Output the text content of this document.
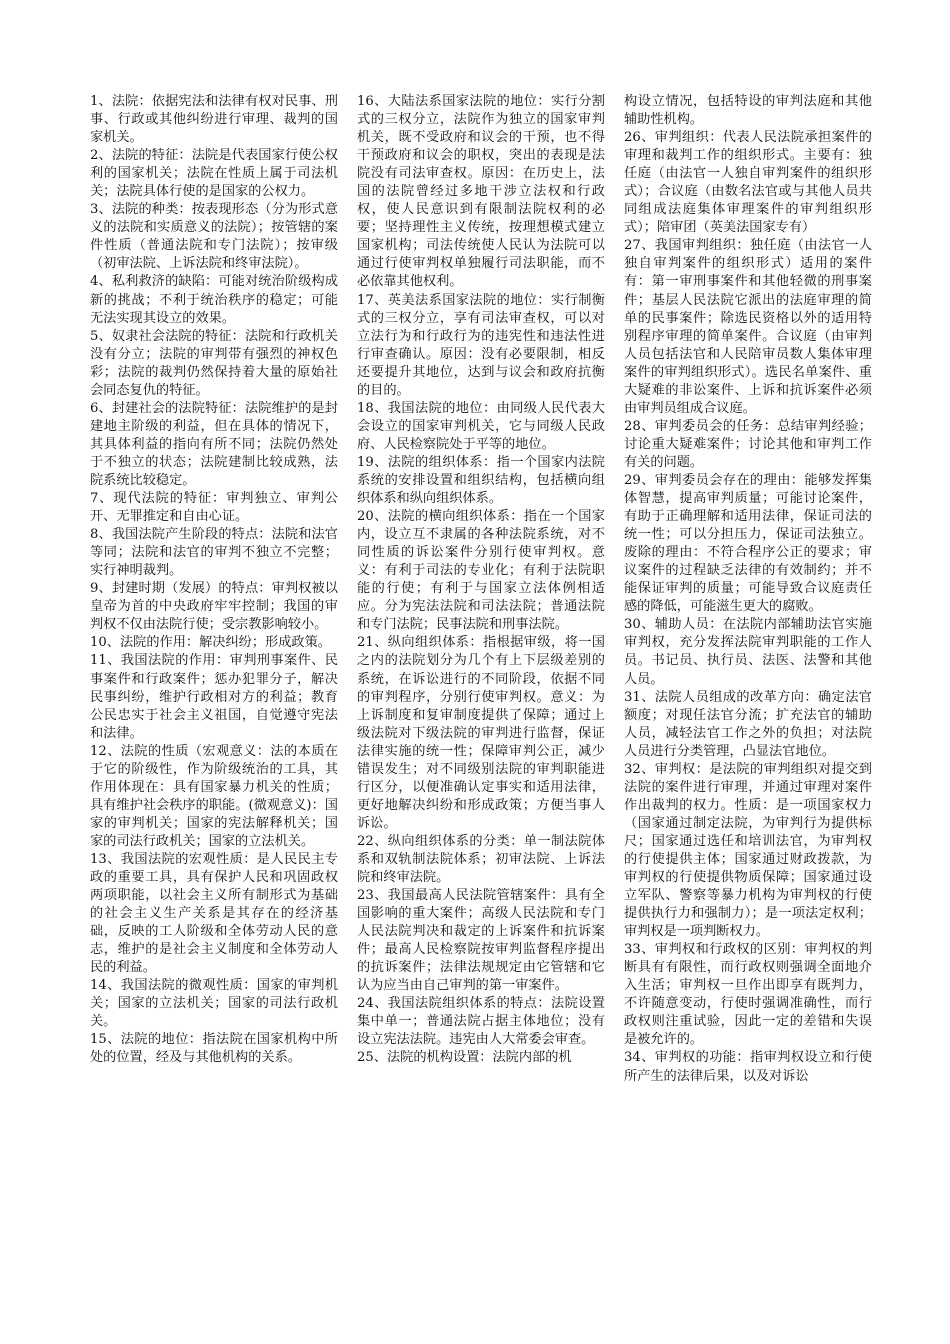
1、法院：依据宪法和法律有权对民事、刑事、行政或其他纠纷进行审理、裁判的国家机关。

2、法院的特征：法院是代表国家行使公权利的国家机关；法院在性质上属于司法机关；法院具体行使的是国家的公权力。

3、法院的种类：按表现形态（分为形式意义的法院和实质意义的法院）；按管辖的案件性质（普通法院和专门法院）；按审级（初审法院、上诉法院和终审法院）。

4、私利救济的缺陷：可能对统治阶级构成新的挑战；不利于统治秩序的稳定；可能无法实现其设立的效果。

5、奴隶社会法院的特征：法院和行政机关没有分立；法院的审判带有强烈的神权色彩；法院的裁判仍然保持着大量的原始社会同态复仇的特征。

6、封建社会的法院特征：法院维护的是封建地主阶级的利益，但在具体的情况下，其具体利益的指向有所不同；法院仍然处于不独立的状态；法院建制比较成熟，法院系统比较稳定。

7、现代法院的特征：审判独立、审判公开、无罪推定和自由心证。

8、我国法院产生阶段的特点：法院和法官等同；法院和法官的审判不独立不完整；实行神明裁判。

9、封建时期（发展）的特点：审判权被以皇帝为首的中央政府牢牢控制；我国的审判权不仅由法院行使；受宗教影响较小。

10、法院的作用：解决纠纷；形成政策。

11、我国法院的作用：审判刑事案件、民事案件和行政案件；惩办犯罪分子，解决民事纠纷，维护行政相对方的利益；教育公民忠实于社会主义祖国，自觉遵守宪法和法律。

12、法院的性质（宏观意义：法的本质在于它的阶级性，作为阶级统治的工具，其作用体现在：具有国家暴力机关的性质；具有维护社会秩序的职能。(微观意义)：国家的审判机关；国家的宪法解释机关；国家的司法行政机关；国家的立法机关。

13、我国法院的宏观性质：是人民民主专政的重要工具，具有保护人民和巩固政权两项职能，以社会主义所有制形式为基础的社会主义生产关系是其存在的经济基础，反映的工人阶级和全体劳动人民的意志，维护的是社会主义制度和全体劳动人民的利益。

14、我国法院的微观性质：国家的审判机关；国家的立法机关；国家的司法行政机关。

15、法院的地位：指法院在国家机构中所处的位置，经及与其他机构的关系。

16、大陆法系国家法院的地位：实行分割式的三权分立，法院作为独立的国家审判机关，既不受政府和议会的干预，也不得干预政府和议会的职权，突出的表现是法院没有司法审查权。原因：在历史上，法国的法院曾经过多地干涉立法权和行政权，使人民意识到有限制法院权利的必要；坚持理性主义传统，按理想模式建立国家机构；司法传统使人民认为法院可以通过行使审判权单独履行司法职能，而不必依靠其他权利。

17、英美法系国家法院的地位：实行制衡式的三权分立，享有司法审查权，可以对立法行为和行政行为的违宪性和违法性进行审查确认。原因：没有必要限制，相反还要提升其地位，达到与议会和政府抗衡的目的。

18、我国法院的地位：由同级人民代表大会设立的国家审判机关，它与同级人民政府、人民检察院处于平等的地位。

19、法院的组织体系：指一个国家内法院系统的安排设置和组织结构，包括横向组织体系和纵向组织体系。

20、法院的横向组织体系：指在一个国家内，设立互不隶属的各种法院系统，对不同性质的诉讼案件分别行使审判权。意义：有利于司法的专业化；有利于法院职能的行使；有利于与国家立法体例相适应。分为宪法法院和司法法院；普通法院和专门法院；民事法院和刑事法院。

21、纵向组织体系：指根据审级，将一国之内的法院划分为几个有上下层级差别的系统，在诉讼进行的不同阶段，依据不同的审判程序，分别行使审判权。意义：为上诉制度和复审制度提供了保障；通过上级法院对下级法院的审判进行监督，保证法律实施的统一性；保障审判公正，减少错误发生；对不同级别法院的审判职能进行区分，以便准确认定事实和适用法律，更好地解决纠纷和形成政策；方便当事人诉讼。

22、纵向组织体系的分类：单一制法院体系和双轨制法院体系；初审法院、上诉法院和终审法院。

23、我国最高人民法院管辖案件：具有全国影响的重大案件；高级人民法院和专门人民法院判决和裁定的上诉案件和抗诉案件；最高人民检察院按审判监督程序提出的抗诉案件；法律法规规定由它管辖和它认为应当由自己审判的第一审案件。

24、我国法院组织体系的特点：法院设置集中单一；普通法院占据主体地位；没有设立宪法法院。违宪由人大常委会审查。

25、法院的机构设置：法院内部的机

构设立情况，包括特设的审判法庭和其他辅助性机构。

26、审判组织：代表人民法院承担案件的审理和裁判工作的组织形式。主要有：独任庭（由法官一人独自审判案件的组织形式）；合议庭（由数名法官或与其他人员共同组成法庭集体审理案件的审判组织形式）；陪审团（英美法国家专有）

27、我国审判组织：独任庭（由法官一人独自审判案件的组织形式）适用的案件有：第一审刑事案件和其他轻微的刑事案件；基层人民法院它派出的法庭审理的简单的民事案件；除选民资格以外的适用特别程序审理的简单案件。合议庭（由审判人员包括法官和人民陪审员数人集体审理案件的审判组织形式）。选民名单案件、重大疑难的非讼案件、上诉和抗诉案件必须由审判员组成合议庭。

28、审判委员会的任务：总结审判经验；讨论重大疑难案件；讨论其他和审判工作有关的问题。

29、审判委员会存在的理由：能够发挥集体智慧，提高审判质量；可能讨论案件，有助于正确理解和适用法律，保证司法的统一性；可以分担压力，保证司法独立。废除的理由：不符合程序公正的要求；审议案件的过程缺乏法律的有效制约；并不能保证审判的质量；可能导致合议庭责任感的降低，可能滋生更大的腐败。

30、辅助人员：在法院内部辅助法官实施审判权，充分发挥法院审判职能的工作人员。书记员、执行员、法医、法警和其他人员。

31、法院人员组成的改革方向：确定法官额度；对现任法官分流；扩充法官的辅助人员，减轻法官工作之外的负担；对法院人员进行分类管理，凸显法官地位。

32、审判权：是法院的审判组织对提交到法院的案件进行审理，并通过审理对案件作出裁判的权力。性质：是一项国家权力（国家通过制定法院，为审判行为提供标尺；国家通过选任和培训法官，为审判权的行使提供主体；国家通过财政拨款，为审判权的行使提供物质保障；国家通过设立军队、警察等暴力机构为审判权的行使提供执行力和强制力）；是一项法定权利；审判权是一项判断权力。

33、审判权和行政权的区别：审判权的判断具有有限性，而行政权则强调全面地介入生活；审判权一旦作出即享有既判力，不许随意变动，行使时强调准确性，而行政权则注重试验，因此一定的差错和失误是被允许的。

34、审判权的功能：指审判权设立和行使所产生的法律后果，以及对诉讼
